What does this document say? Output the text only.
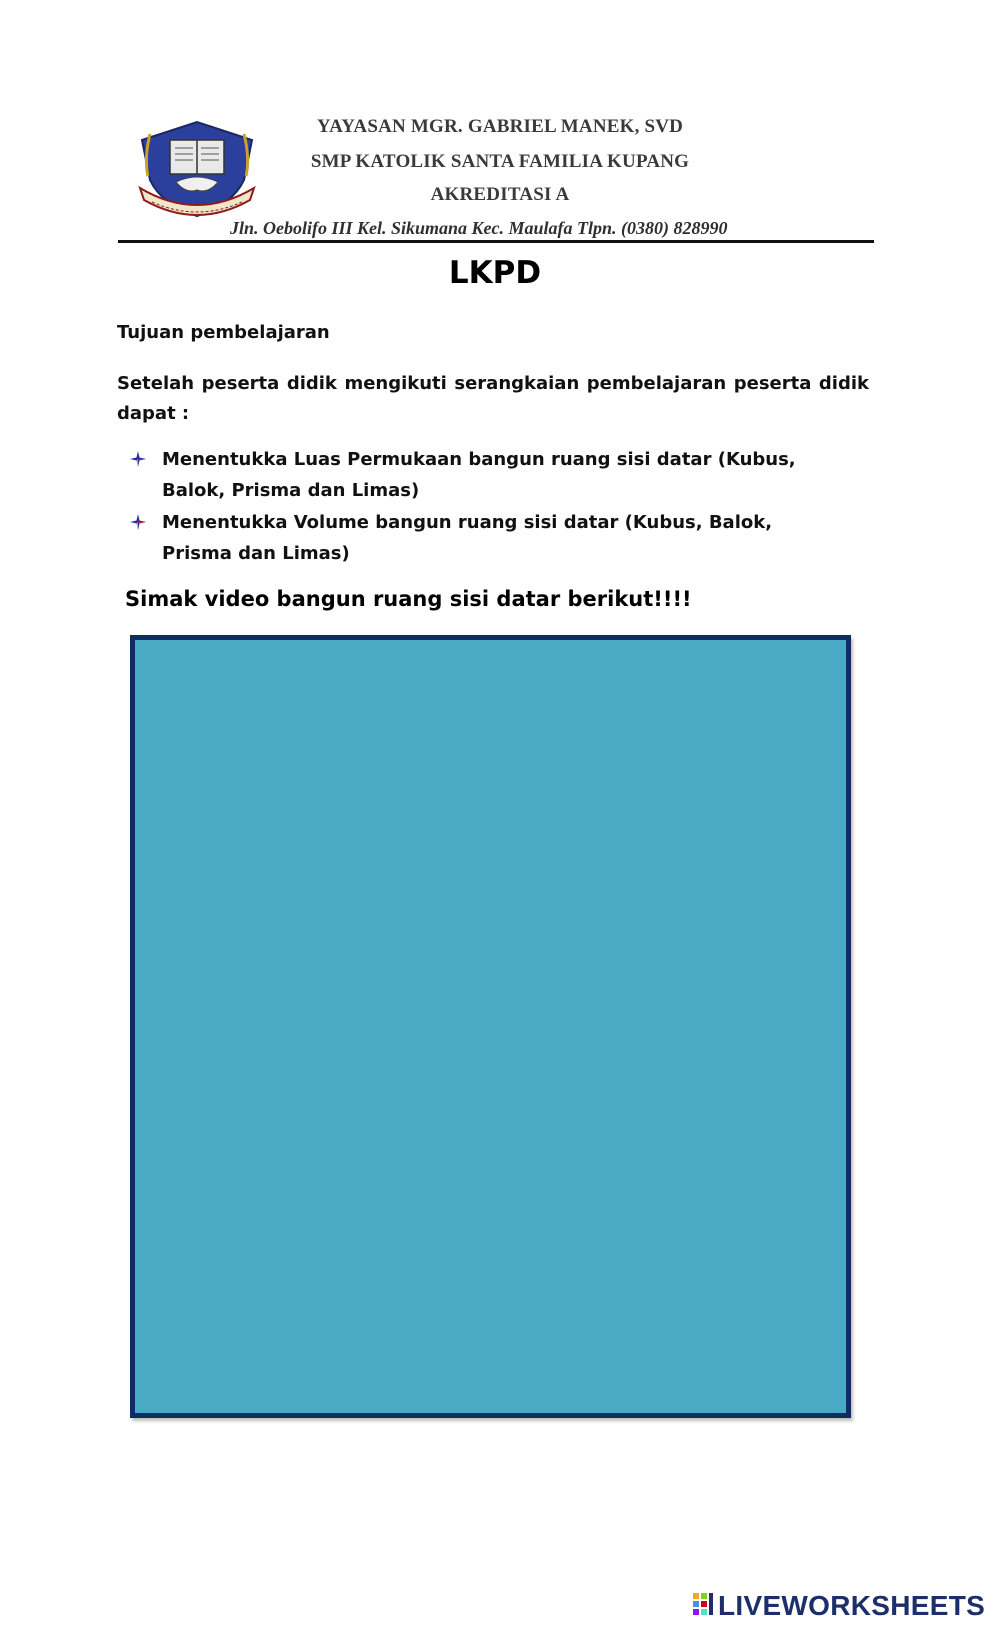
YAYASAN MGR. GABRIEL MANEK, SVD
SMP KATOLIK SANTA FAMILIA KUPANG
AKREDITASI A
Jln. Oebolifo III Kel. Sikumana Kec. Maulafa Tlpn. (0380) 828990
LKPD
Tujuan pembelajaran
Setelah peserta didik mengikuti serangkaian pembelajaran peserta didik dapat :
Menentukka Luas Permukaan bangun ruang sisi datar (Kubus, Balok, Prisma dan Limas)
Menentukka Volume bangun ruang sisi datar (Kubus, Balok, Prisma dan Limas)
Simak video bangun ruang sisi datar berikut!!!!
LIVEWORKSHEETS
